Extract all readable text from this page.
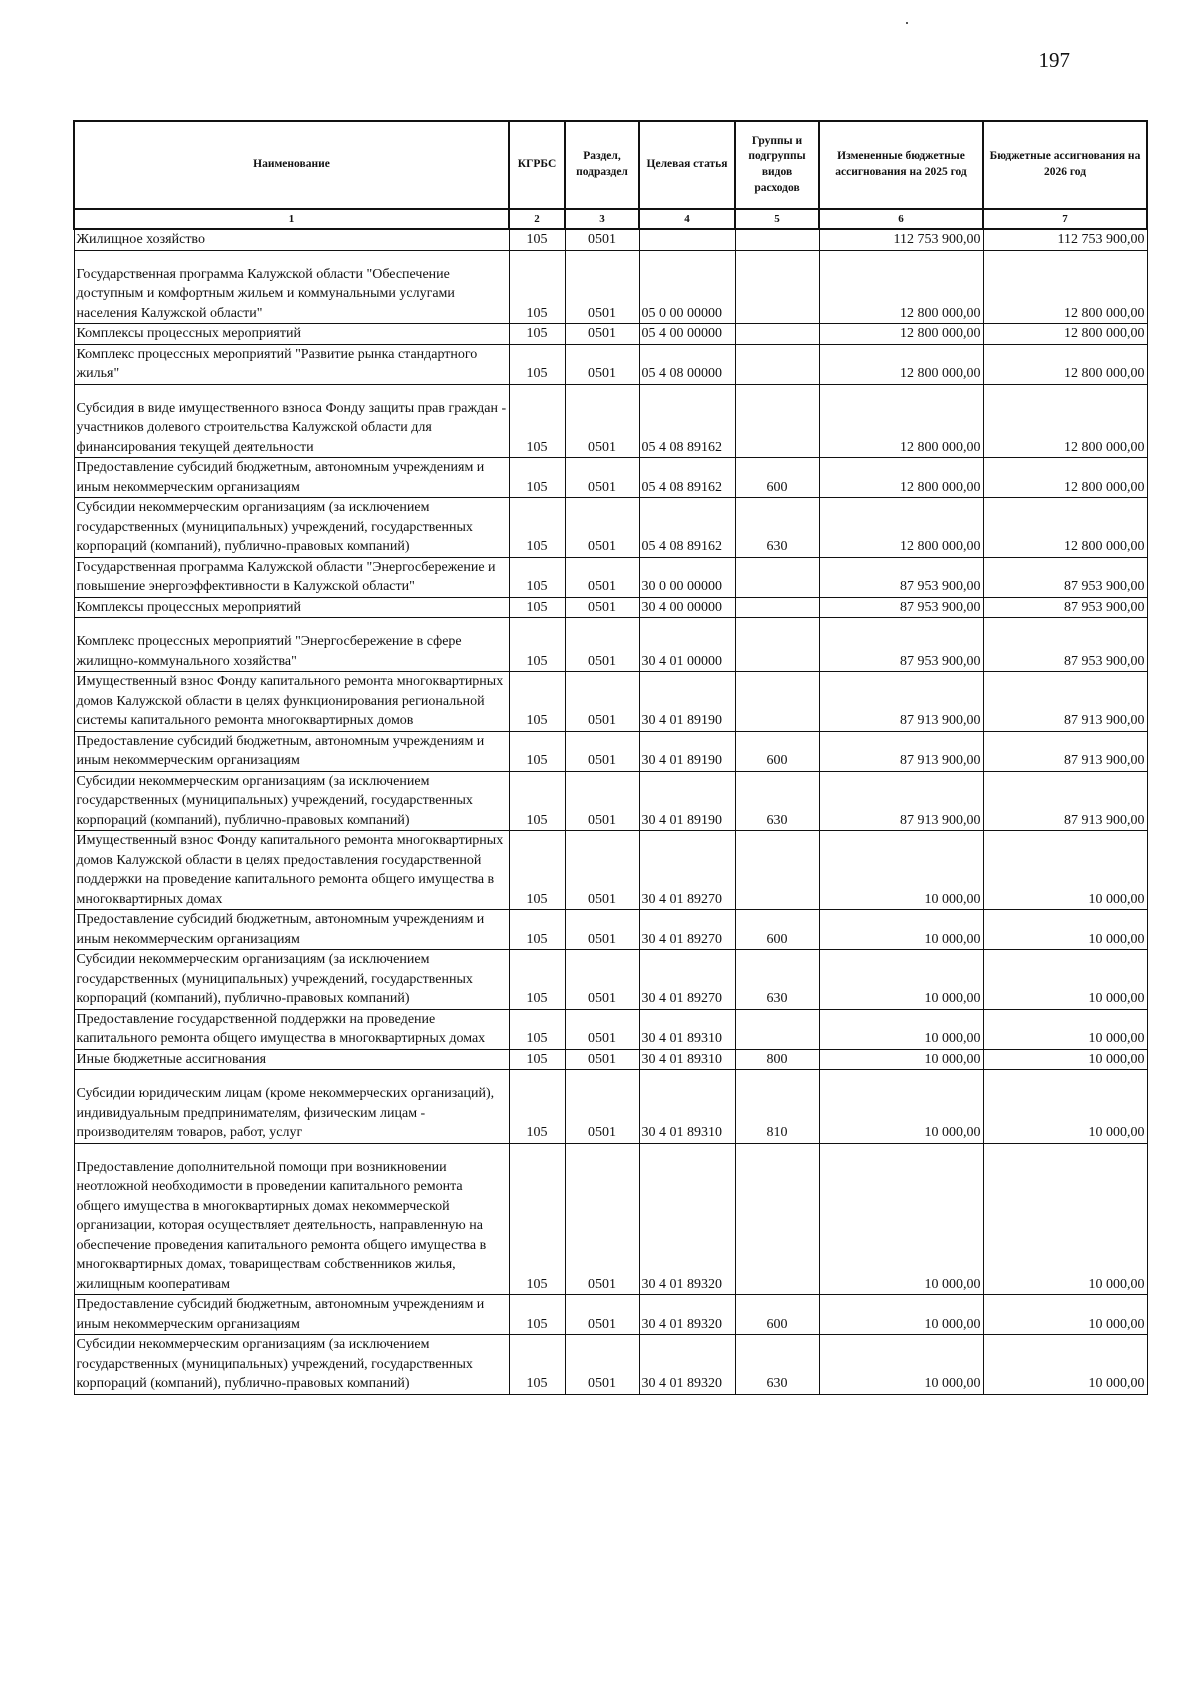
197
Наименование	КГРБС	Раздел, подраздел	Целевая статья	Группы и подгруппы видов расходов	Измененные бюджетные ассигнования на 2025 год	Бюджетные ассигнования на 2026 год
1	2	3	4	5	6	7
Жилищное хозяйство	105	0501			112 753 900,00	112 753 900,00
Государственная программа Калужской области "Обеспечение доступным и комфортным жильем и коммунальными услугами населения Калужской области"	105	0501	05 0 00 00000		12 800 000,00	12 800 000,00
Комплексы процессных мероприятий	105	0501	05 4 00 00000		12 800 000,00	12 800 000,00
Комплекс процессных мероприятий "Развитие рынка стандартного жилья"	105	0501	05 4 08 00000		12 800 000,00	12 800 000,00
Субсидия в виде имущественного взноса Фонду защиты прав граждан - участников долевого строительства Калужской области для финансирования текущей деятельности	105	0501	05 4 08 89162		12 800 000,00	12 800 000,00
Предоставление субсидий бюджетным, автономным учреждениям и иным некоммерческим организациям	105	0501	05 4 08 89162	600	12 800 000,00	12 800 000,00
Субсидии некоммерческим организациям (за исключением государственных (муниципальных) учреждений, государственных корпораций (компаний), публично-правовых компаний)	105	0501	05 4 08 89162	630	12 800 000,00	12 800 000,00
Государственная программа Калужской области "Энергосбережение и повышение энергоэффективности в Калужской области"	105	0501	30 0 00 00000		87 953 900,00	87 953 900,00
Комплексы процессных мероприятий	105	0501	30 4 00 00000		87 953 900,00	87 953 900,00
Комплекс процессных мероприятий "Энергосбережение в сфере жилищно-коммунального хозяйства"	105	0501	30 4 01 00000		87 953 900,00	87 953 900,00
Имущественный взнос Фонду капитального ремонта многоквартирных домов Калужской области в целях функционирования региональной системы капитального ремонта многоквартирных домов	105	0501	30 4 01 89190		87 913 900,00	87 913 900,00
Предоставление субсидий бюджетным, автономным учреждениям и иным некоммерческим организациям	105	0501	30 4 01 89190	600	87 913 900,00	87 913 900,00
Субсидии некоммерческим организациям (за исключением государственных (муниципальных) учреждений, государственных корпораций (компаний), публично-правовых компаний)	105	0501	30 4 01 89190	630	87 913 900,00	87 913 900,00
Имущественный взнос Фонду капитального ремонта многоквартирных домов Калужской области в целях предоставления государственной поддержки на проведение капитального ремонта общего имущества в многоквартирных домах	105	0501	30 4 01 89270		10 000,00	10 000,00
Предоставление субсидий бюджетным, автономным учреждениям и иным некоммерческим организациям	105	0501	30 4 01 89270	600	10 000,00	10 000,00
Субсидии некоммерческим организациям (за исключением государственных (муниципальных) учреждений, государственных корпораций (компаний), публично-правовых компаний)	105	0501	30 4 01 89270	630	10 000,00	10 000,00
Предоставление государственной поддержки на проведение капитального ремонта общего имущества в многоквартирных домах	105	0501	30 4 01 89310		10 000,00	10 000,00
Иные бюджетные ассигнования	105	0501	30 4 01 89310	800	10 000,00	10 000,00
Субсидии юридическим лицам (кроме некоммерческих организаций), индивидуальным предпринимателям, физическим лицам - производителям товаров, работ, услуг	105	0501	30 4 01 89310	810	10 000,00	10 000,00
Предоставление дополнительной помощи при возникновении неотложной необходимости в проведении капитального ремонта общего имущества в многоквартирных домах некоммерческой организации, которая осуществляет деятельность, направленную на обеспечение проведения капитального ремонта общего имущества в многоквартирных домах, товариществам собственников жилья, жилищным кооперативам	105	0501	30 4 01 89320		10 000,00	10 000,00
Предоставление субсидий бюджетным, автономным учреждениям и иным некоммерческим организациям	105	0501	30 4 01 89320	600	10 000,00	10 000,00
Субсидии некоммерческим организациям (за исключением государственных (муниципальных) учреждений, государственных корпораций (компаний), публично-правовых компаний)	105	0501	30 4 01 89320	630	10 000,00	10 000,00
